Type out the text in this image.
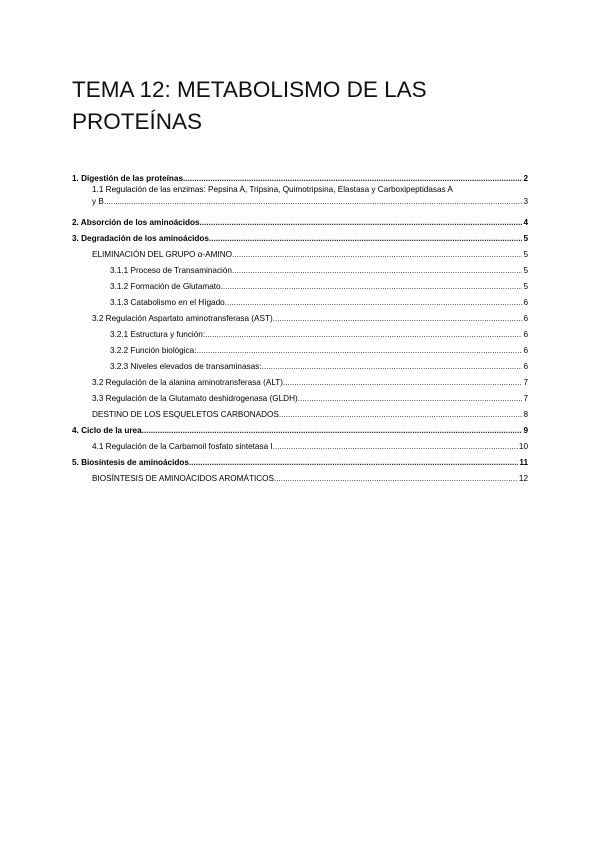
TEMA 12: METABOLISMO DE LAS PROTEÍNAS
1. Digestión de las proteínas .....	2
1.1 Regulación de las enzimas: Pepsina A, Tripsina, Quimotripsina, Elastasa y Carboxipeptidasas A
y B .....	3
2. Absorción de los aminoácidos .....	4
3. Degradación de los aminoácidos .....	5
ELIMINACIÓN DEL GRUPO α-AMINO .....	5
3.1.1 Proceso de Transaminación .....	5
3.1.2 Formación de Glutamato .....	5
3.1.3 Catabolismo en el Hígado .....	6
3.2 Regulación Aspartato aminotransferasa (AST) .....	6
3.2.1 Estructura y función: .....	6
3.2.2 Función biológica: .....	6
3.2.3 Niveles elevados de transaminasas: .....	6
3.2 Regulación de la alanina aminotransferasa (ALT) .....	7
3.3 Regulación de la Glutamato deshidrogenasa (GLDH) .....	7
DESTINO DE LOS ESQUELETOS CARBONADOS .....	8
4. Ciclo de la urea .....	9
4.1 Regulación de la Carbamoil fosfato sintetasa I .....	10
5. Biosíntesis de aminoácidos .....	11
BIOSÍNTESIS DE AMINOÁCIDOS AROMÁTICOS .....	12
